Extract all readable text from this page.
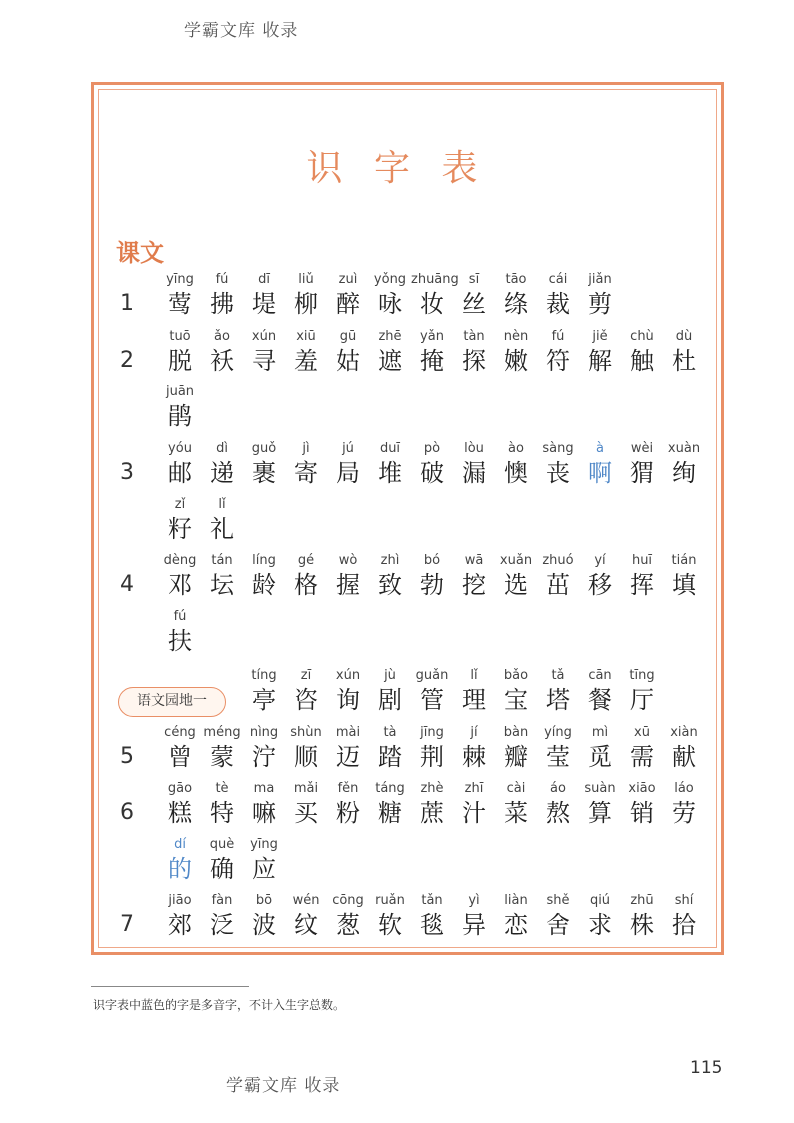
学霸文库 收录
识 字 表
课文
1
yīng
莺
fú
拂
dī
堤
liǔ
柳
zuì
醉
yǒng
咏
zhuāng
妆
sī
丝
tāo
绦
cái
裁
jiǎn
剪
2
tuō
脱
ǎo
袄
xún
寻
xiū
羞
gū
姑
zhē
遮
yǎn
掩
tàn
探
nèn
嫩
fú
符
jiě
解
chù
触
dù
杜
juān
鹃
3
yóu
邮
dì
递
guǒ
裹
jì
寄
jú
局
duī
堆
pò
破
lòu
漏
ào
懊
sàng
丧
à
啊
wèi
猬
xuàn
绚
zǐ
籽
lǐ
礼
4
dèng
邓
tán
坛
líng
龄
gé
格
wò
握
zhì
致
bó
勃
wā
挖
xuǎn
选
zhuó
茁
yí
移
huī
挥
tián
填
fú
扶
tíng
亭
zī
咨
xún
询
jù
剧
guǎn
管
lǐ
理
bǎo
宝
tǎ
塔
cān
餐
tīng
厅
5
céng
曾
méng
蒙
nìng
泞
shùn
顺
mài
迈
tà
踏
jīng
荆
jí
棘
bàn
瓣
yíng
莹
mì
觅
xū
需
xiàn
献
6
gāo
糕
tè
特
ma
嘛
mǎi
买
fěn
粉
táng
糖
zhè
蔗
zhī
汁
cài
菜
áo
熬
suàn
算
xiāo
销
láo
劳
dí
的
què
确
yīng
应
7
jiāo
郊
fàn
泛
bō
波
wén
纹
cōng
葱
ruǎn
软
tǎn
毯
yì
异
liàn
恋
shě
舍
qiú
求
zhū
株
shí
拾
语文园地一
识字表中蓝色的字是多音字，不计入生字总数。
115
学霸文库 收录
